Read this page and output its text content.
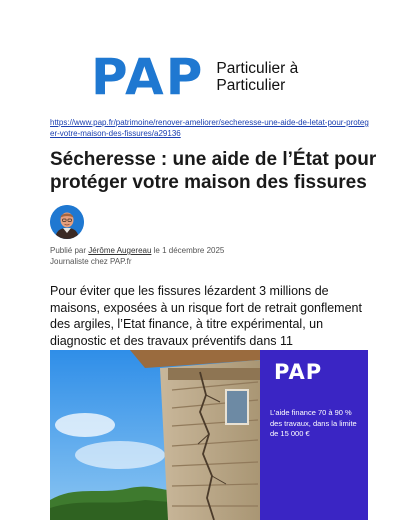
PAP Particulier à
Particulier
https://www.pap.fr/patrimoine/renover-ameliorer/secheresse-une-aide-de-letat-pour-proteger-votre-maison-des-fissures/a29136
Sécheresse : une aide de l’État pour protéger votre maison des fissures
Publié par Jérôme Augereau le 1 décembre 2025
Journaliste chez PAP.fr

Pour éviter que les fissures lézardent 3 millions de maisons, exposées à un risque fort de retrait gonflement des argiles, l’Etat finance, à titre expérimental, un diagnostic et des travaux préventifs dans 11

PAP
L’aide finance 70 à 90 % des travaux, dans la limite de 15 000 €
